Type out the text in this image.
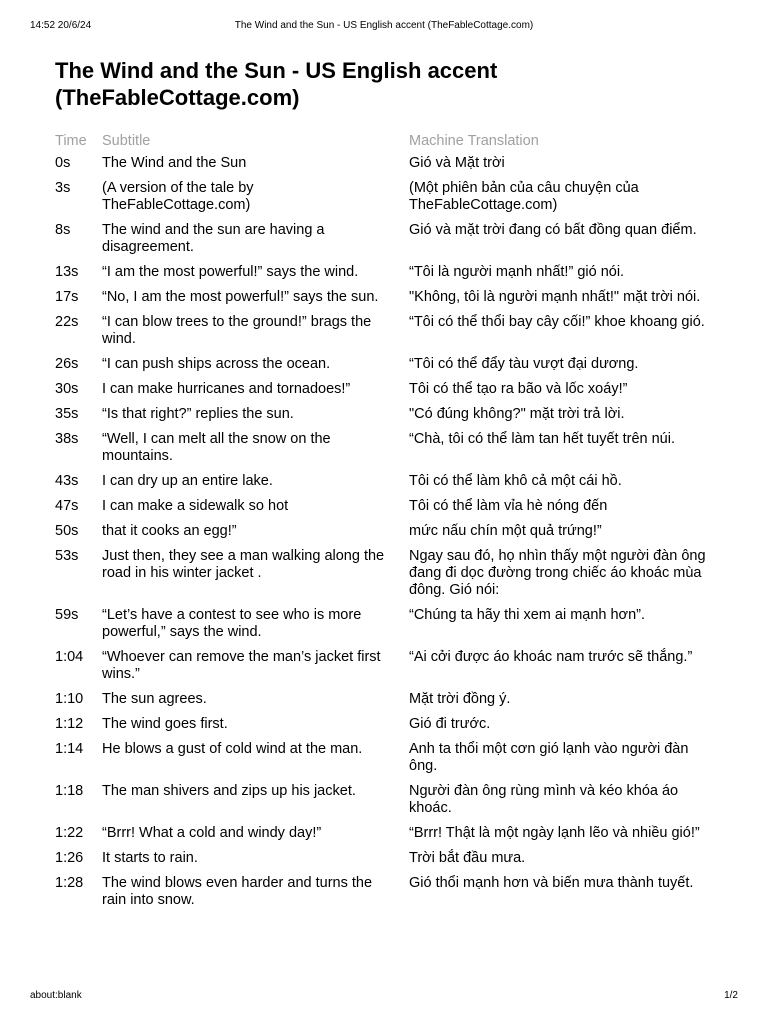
14:52 20/6/24	The Wind and the Sun - US English accent (TheFableCottage.com)
The Wind and the Sun - US English accent (TheFableCottage.com)
Time	Subtitle	Machine Translation
0s	The Wind and the Sun	Gió và Mặt trời
3s	(A version of the tale by TheFableCottage.com)	(Một phiên bản của câu chuyện của TheFableCottage.com)
8s	The wind and the sun are having a disagreement.	Gió và mặt trời đang có bất đồng quan điểm.
13s	“I am the most powerful!” says the wind.	“Tôi là người mạnh nhất!” gió nói.
17s	“No, I am the most powerful!” says the sun.	"Không, tôi là người mạnh nhất!" mặt trời nói.
22s	“I can blow trees to the ground!” brags the wind.	“Tôi có thể thổi bay cây cối!” khoe khoang gió.
26s	“I can push ships across the ocean.	“Tôi có thể đẩy tàu vượt đại dương.
30s	I can make hurricanes and tornadoes!”	Tôi có thể tạo ra bão và lốc xoáy!”
35s	“Is that right?” replies the sun.	"Có đúng không?" mặt trời trả lời.
38s	“Well, I can melt all the snow on the mountains.	“Chà, tôi có thể làm tan hết tuyết trên núi.
43s	I can dry up an entire lake.	Tôi có thể làm khô cả một cái hồ.
47s	I can make a sidewalk so hot	Tôi có thể làm vỉa hè nóng đến
50s	that it cooks an egg!”	mức nấu chín một quả trứng!”
53s	Just then, they see a man walking along the road in his winter jacket .	Ngay sau đó, họ nhìn thấy một người đàn ông đang đi dọc đường trong chiếc áo khoác mùa đông. Gió nói:
59s	“Let’s have a contest to see who is more powerful,” says the wind.	“Chúng ta hãy thi xem ai mạnh hơn”.
1:04	“Whoever can remove the man’s jacket first wins.”	“Ai cởi được áo khoác nam trước sẽ thắng.”
1:10	The sun agrees.	Mặt trời đồng ý.
1:12	The wind goes first.	Gió đi trước.
1:14	He blows a gust of cold wind at the man.	Anh ta thổi một cơn gió lạnh vào người đàn ông.
1:18	The man shivers and zips up his jacket.	Người đàn ông rùng mình và kéo khóa áo khoác.
1:22	“Brrr! What a cold and windy day!”	“Brrr! Thật là một ngày lạnh lẽo và nhiều gió!”
1:26	It starts to rain.	Trời bắt đầu mưa.
1:28	The wind blows even harder and turns the rain into snow.	Gió thổi mạnh hơn và biến mưa thành tuyết.
about:blank	1/2
